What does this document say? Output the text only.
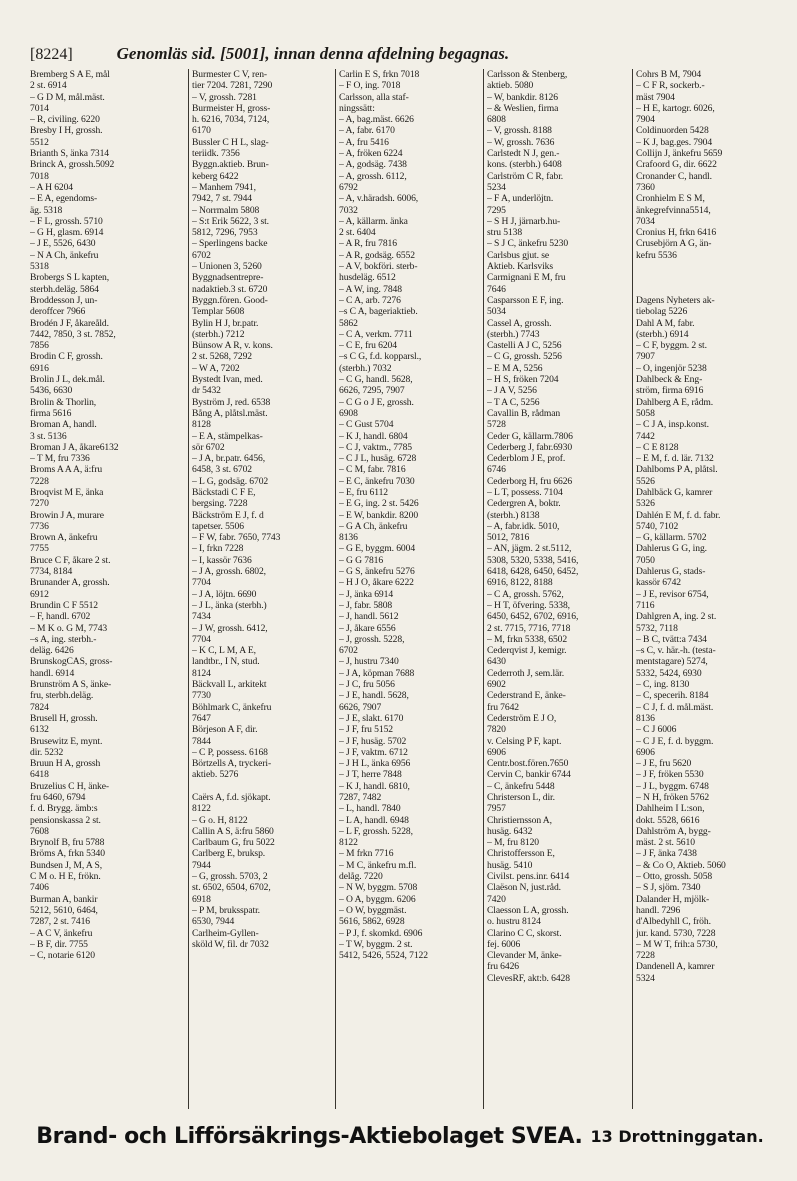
[8224]	Genomläs sid. [5001], innan denna afdelning begagnas.
Bremberg S A E, mål
2 st. 6914
– G D M, mål.mäst.
7014
– R, civiling. 6220
Bresby I H, grossh.
5512
Brianth S, änka 7314
Brinck A, grossh.5092
7018
– A H 6204
– E A, egendoms-
äg. 5318
– F L, grossh. 5710
– G H, glasm. 6914
– J E, 5526, 6430
– N A Ch, änkefru
5318
Brobergs S L kapten,
sterbh.deläg. 5864
Broddesson J, un-
deroffcer 7966
Brodén J F, åkareåld.
7442, 7850, 3 st. 7852,
7856
Brodin C F, grossh.
6916
Brolin J L, dek.mål.
5436, 6630
Brolin & Thorlin,
firma 5616
Broman A, handl.
3 st. 5136
Broman J A, åkare6132
– T M, fru 7336
Broms A A A, ä:fru
7228
Broqvist M E, änka
7270
Browin J A, murare
7736
Brown A, änkefru
7755
Bruce C F, åkare 2 st.
7734, 8184
Brunander A, grossh.
6912
Brundin C F 5512
– F, handl. 6702
– M K o. G M, 7743
–s A, ing. sterbh.-
deläg. 6426
BrunskogCAS, gross-
handl. 6914
Brunström A S, änke-
fru, sterbh.deläg.
7824
Brusell H, grossh.
6132
Brusewitz E, mynt.
dir. 5232
Bruun H A, grossh
6418
Bruzelius C H, änke-
fru 6460, 6794
f. d. Brygg. ämb:s
pensionskassa 2 st.
7608
Brynolf B, fru 5788
Bröms A, frkn 5340
Bundsen J, M, A S,
C M o. H E, frökn.
7406
Burman A, bankir
5212, 5610, 6464,
7287, 2 st. 7416
– A C V, änkefru
– B F, dir. 7755
– C, notarie 6120
Burmester C V, ren-
tier 7204. 7281, 7290
– V, grossh. 7281
Burmeister H, gross-
h. 6216, 7034, 7124,
6170
Bussler C H L, slag-
teriidk. 7356
Byggn.aktieb. Brun-
keberg 6422
– Manhem 7941,
7942, 7 st. 7944
– Norrmalm 5808
– S:t Erik 5622, 3 st.
5812, 7296, 7953
– Sperlingens backe
6702
– Unionen 3, 5260
Byggnadsentrepre-
nadaktieb.3 st. 6720
Byggn.fören. Good-
Templar 5608
Bylin H J, br.patr.
(sterbh.) 7212
Bünsow A R, v. kons.
2 st. 5268, 7292
– W A, 7202
Bystedt Ivan, med.
dr 5432
Byström J, red. 6538
Bång A, plåtsl.mäst.
8128
– E A, stämpelkas-
sör 6702
– J A, br.patr. 6456,
6458, 3 st. 6702
– L G, godsäg. 6702
Bäckstadi C F E,
bergsing. 7228
Bäckström E J, f. d
tapetser. 5506
– F W, fabr. 7650, 7743
– I, frkn 7228
– I, kassör 7636
– J A, grossh. 6802,
7704
– J A, löjtn. 6690
– J L, änka (sterbh.)
7434
– J W, grossh. 6412,
7704
– K C, L M, A E,
landtbr., I N, stud.
8124
Bäckvall L, arkitekt
7730
Böhlmark C, änkefru
7647
Börjeson A F, dir.
7844
– C P, possess. 6168
Börtzells A, tryckeri-
aktieb. 5276

Caërs A, f.d. sjökapt.
8122
– G o. H, 8122
Callin A S, ä:fru 5860
Carlbaum G, fru 5022
Carlberg E, bruksp.
7944
– G, grossh. 5703, 2
st. 6502, 6504, 6702,
6918
– P M, bruksspatr.
6530, 7944
Carlheim-Gyllen-
sköld W, fil. dr 7032
Carlin E S, frkn 7018
– F O, ing. 7018
Carlsson, alla staf-
ningssätt:
– A, bag.mäst. 6626
– A, fabr. 6170
– A, fru 5416
– A, fröken 6224
– A, godsäg. 7438
– A, grossh. 6112,
6792
– A, v.häradsh. 6006,
7032
– A, källarm. änka
2 st. 6404
– A R, fru 7816
– A R, godsäg. 6552
– A V, bokföri. sterb-
husdeläg. 6512
– A W, ing. 7848
– C A, arb. 7276
–s C A, bageriaktieb.
5862
– C A, verkm. 7711
– C E, fru 6204
–s C G, f.d. kopparsl.,
(sterbh.) 7032
– C G, handl. 5628,
6626, 7295, 7907
– C G o J E, grossh.
6908
– C Gust 5704
– K J, handl. 6804
– C J, vaktm., 7785
– C J L, husäg. 6728
– C M, fabr. 7816
– E C, änkefru 7030
– E, fru 6112
– E G, ing. 2 st. 5426
– E W, bankdir. 8200
– G A Ch, änkefru
8136
– G E, byggm. 6004
– G G 7816
– G S, änkefru 5276
– H J O, åkare 6222
– J, änka 6914
– J, fabr. 5808
– J, handl. 5612
– J, åkare 6556
– J, grossh. 5228,
6702
– J, hustru 7340
– J A, köpman 7688
– J C, fru 5056
– J E, handl. 5628,
6626, 7907
– J E, slakt. 6170
– J F, fru 5152
– J F, husäg. 5702
– J F, vaktm. 6712
– J H L, änka 6956
– J T, herre 7848
– K J, handl. 6810,
7287, 7482
– L, handl. 7840
– L A, handl. 6948
– L F, grossh. 5228,
8122
– M frkn 7716
– M C, änkefru m.fl.
delåg. 7220
– N W, byggm. 5708
– O A, byggm. 6206
– O W, byggmäst.
5616, 5862, 6928
– P J, f. skomkd. 6906
– T W, byggm. 2 st.
5412, 5426, 5524, 7122
Carlsson & Stenberg,
aktieb. 5080
– W, bankdir. 8126
– & Weslien, firma
6808
– V, grossh. 8188
– W, grossh. 7636
Carlstedt N J, gen.-
kons. (sterbh.) 6408
Carlström C R, fabr.
5234
– F A, underlöjtn.
7295
– S H J, järnarb.hu-
stru 5138
– S J C, änkefru 5230
Carlsbus gjut. se
Aktieb. Karlsviks
Carmignani E M, fru
7646
Casparsson E F, ing.
5034
Cassel A, grossh.
(sterbh.) 7743
Castelli A J C, 5256
– C G, grossh. 5256
– E M A, 5256
– H S, fröken 7204
– J A V, 5256
– T A C, 5256
Cavallin B, rådman
5728
Ceder G, källarm.7806
Cederberg J, fabr.6930
Cederblom J E, prof.
6746
Cederborg H, fru 6626
– L T, possess. 7104
Cedergren A, boktr.
(sterbh.) 8138
– A, fabr.idk. 5010,
5012, 7816
– AN, jägm. 2 st.5112,
5308, 5320, 5338, 5416,
6418, 6428, 6450, 6452,
6916, 8122, 8188
– C A, grossh. 5762,
– H T, öfvering. 5338,
6450, 6452, 6702, 6916,
2 st. 7715, 7716, 7718
– M, frkn 5338, 6502
Cederqvist J, kemigr.
6430
Cederroth J, sem.lär.
6902
Cederstrand E, änke-
fru 7642
Cederström E J O,
7820
v. Celsing P F, kapt.
6906
Centr.bost.fören.7650
Cervin C, bankir 6744
– C, änkefru 5448
Christerson L, dir.
7957
Christiernsson A,
husäg. 6432
– M, fru 8120
Christoffersson E,
husäg. 5410
Civilst. pens.inr. 6414
Claëson N, just.råd.
7420
Claesson L A, grossh.
o. hustru 8124
Clarino C C, skorst.
fej. 6006
Clevander M, änke-
fru 6426
ClevesRF, akt:b. 6428
Cohrs B M, 7904
– C F R, sockerb.-
mäst 7904
– H E, kartogr. 6026,
7904
Coldinuorden 5428
– K J, bag.ges. 7904
Collijn J, änkefru 5659
Crafoord G, dir. 6622
Cronander C, handl.
7360
Cronhielm E S M,
änkegrefvinna5514,
7034
Cronius H, frkn 6416
Crusebjörn A G, än-
kefru 5536

Dagens Nyheters ak-
tiebolag 5226
Dahl A M, fabr.
(sterbh.) 6914
– C F, byggm. 2 st.
7907
– O, ingenjör 5238
Dahlbeck & Eng-
ström, firma 6916
Dahlberg A E, rådm.
5058
– C J A, insp.konst.
7442
– C E 8128
– E M, f. d. lär. 7132
Dahlboms P A, plåtsl.
5526
Dahlbäck G, kamrer
5326
Dahlén E M, f. d. fabr.
5740, 7102
– G, källarm. 5702
Dahlerus G G, ing.
7050
Dahlerus G, stads-
kassör 6742
– J E, revisor 6754,
7116
Dahlgren A, ing. 2 st.
5732, 7118
– B C, tvätt:a 7434
–s C, v. här.-h. (testa-
mentstagare) 5274,
5332, 5424, 6930
– C, ing. 8130
– C, specerih. 8184
– C J, f. d. mål.mäst.
8136
– C J 6006
– C J E, f. d. byggm.
6906
– J E, fru 5620
– J F, fröken 5530
– J L, byggm. 6748
– N H, fröken 5762
Dahlheim I L:son,
dokt. 5528, 6616
Dahlström A, bygg-
mäst. 2 st. 5610
– J F, änka 7438
– & Co O, Aktieb. 5060
– Otto, grossh. 5058
– S J, sjöm. 7340
Dalander H, mjölk-
handl. 7296
d'Albedyhll C, fröh.
jur. kand. 5730, 7228
– M W T, frih:a 5730,
7228
Dandenell A, kamrer
5324
Brand- och Lifförsäkrings-Aktiebolaget SVEA. 13 Drottninggatan.
